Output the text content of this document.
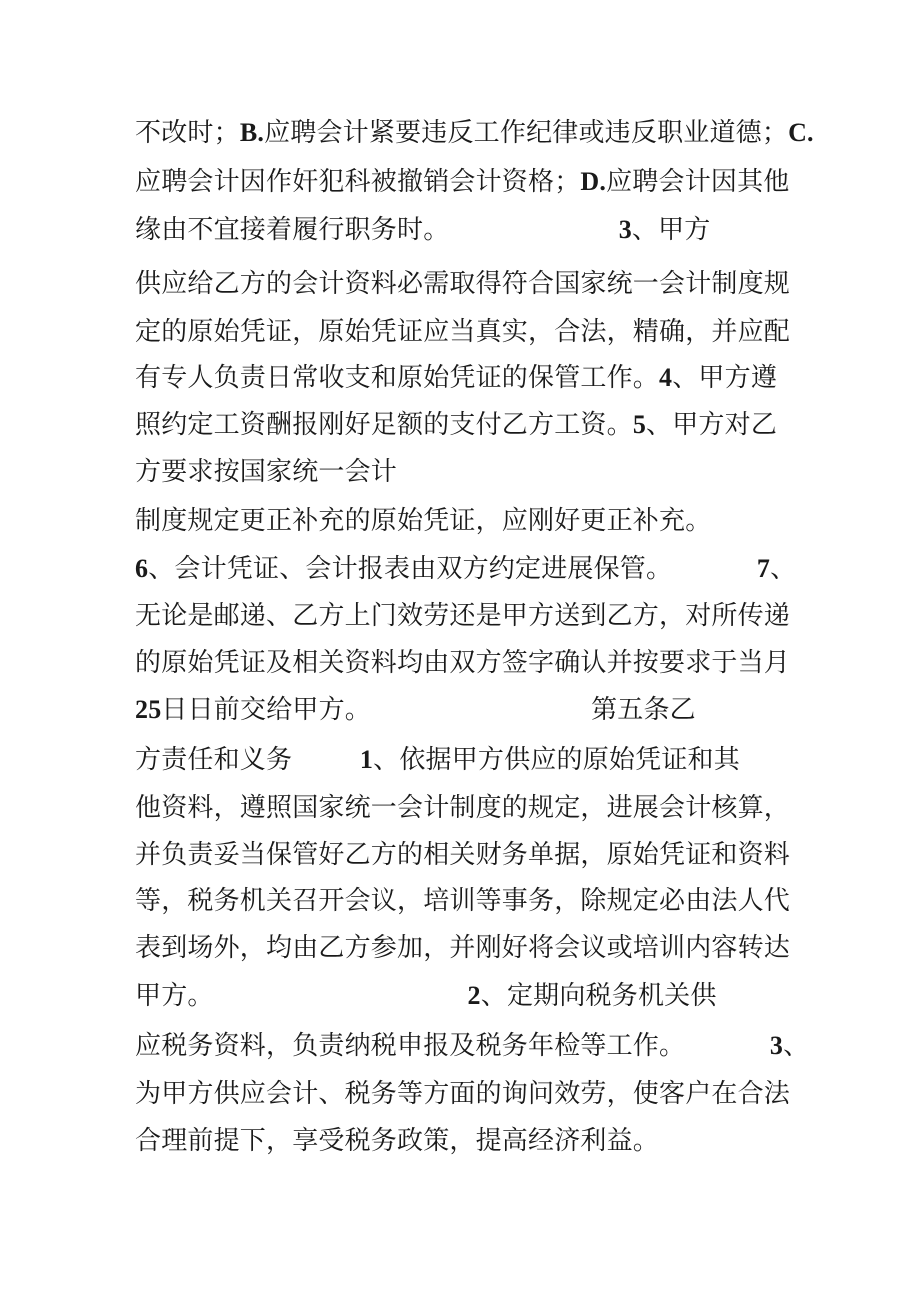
不改时；B.应聘会计紧要违反工作纪律或违反职业道德；C.
应聘会计因作奸犯科被撤销会计资格；D.应聘会计因其他
缘由不宜接着履行职务时。                    3、甲方
供应给乙方的会计资料必需取得符合国家统一会计制度规
定的原始凭证，原始凭证应当真实，合法，精确，并应配
有专人负责日常收支和原始凭证的保管工作。4、甲方遵
照约定工资酬报刚好足额的支付乙方工资。5、甲方对乙
方要求按国家统一会计
制度规定更正补充的原始凭证，应刚好更正补充。
6、会计凭证、会计报表由双方约定进展保管。          7、
无论是邮递、乙方上门效劳还是甲方送到乙方，对所传递
的原始凭证及相关资料均由双方签字确认并按要求于当月
25日日前交给甲方。                          第五条乙
方责任和义务        1、依据甲方供应的原始凭证和其
他资料，遵照国家统一会计制度的规定，进展会计核算，
并负责妥当保管好乙方的相关财务单据，原始凭证和资料
等，税务机关召开会议，培训等事务，除规定必由法人代
表到场外，均由乙方参加，并刚好将会议或培训内容转达
甲方。                              2、定期向税务机关供
应税务资料，负责纳税申报及税务年检等工作。          3、
为甲方供应会计、税务等方面的询问效劳，使客户在合法
合理前提下，享受税务政策，提高经济利益。
